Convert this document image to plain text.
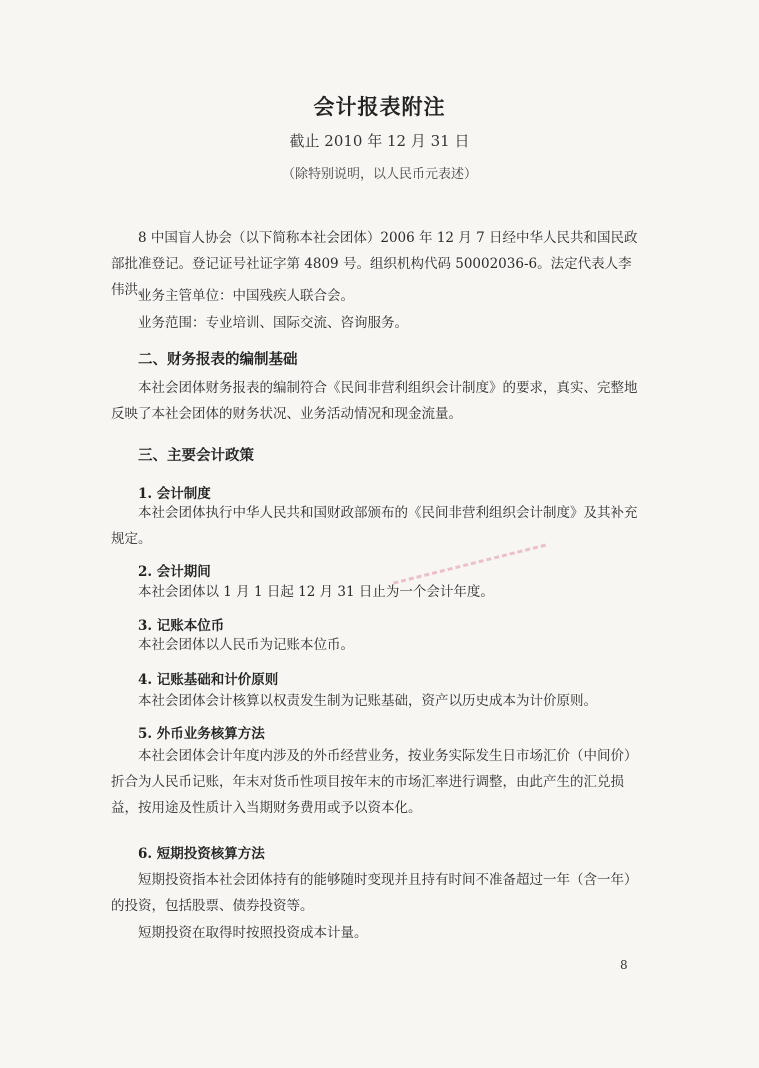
会计报表附注
截止 2010 年 12 月 31 日
（除特别说明，以人民币元表述）

8 中国盲人协会（以下简称本社会团体）2006 年 12 月 7 日经中华人民共和国民政部批准登记。登记证号社证字第 4809 号。组织机构代码 50002036-6。法定代表人李伟洪。

业务主管单位：中国残疾人联合会。

业务范围：专业培训、国际交流、咨询服务。

二、财务报表的编制基础

本社会团体财务报表的编制符合《民间非营利组织会计制度》的要求，真实、完整地反映了本社会团体的财务状况、业务活动情况和现金流量。

三、主要会计政策
1. 会计制度

本社会团体执行中华人民共和国财政部颁布的《民间非营利组织会计制度》及其补充规定。

2. 会计期间

本社会团体以 1 月 1 日起 12 月 31 日止为一个会计年度。

3. 记账本位币

本社会团体以人民币为记账本位币。

4. 记账基础和计价原则

本社会团体会计核算以权责发生制为记账基础，资产以历史成本为计价原则。

5. 外币业务核算方法

本社会团体会计年度内涉及的外币经营业务，按业务实际发生日市场汇价（中间价）折合为人民币记账，年末对货币性项目按年末的市场汇率进行调整，由此产生的汇兑损益，按用途及性质计入当期财务费用或予以资本化。

6. 短期投资核算方法

短期投资指本社会团体持有的能够随时变现并且持有时间不准备超过一年（含一年）的投资，包括股票、债券投资等。

短期投资在取得时按照投资成本计量。

8
